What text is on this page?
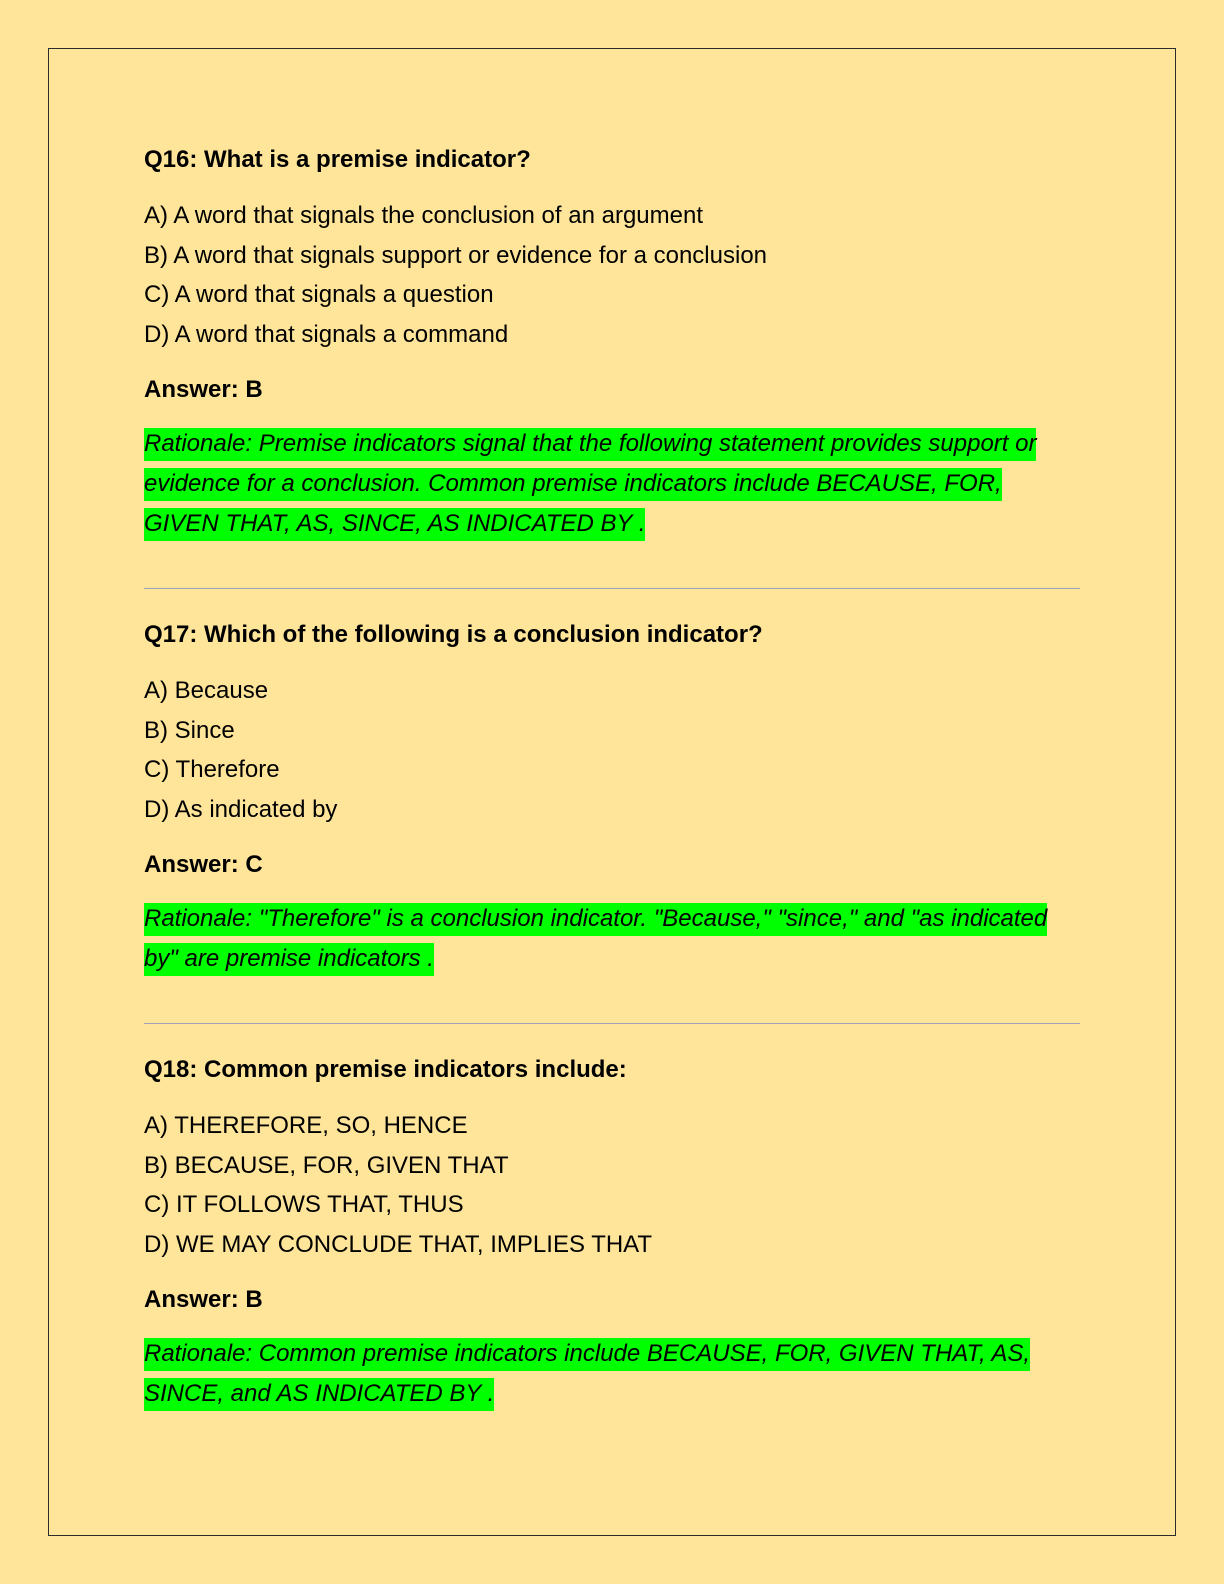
Q16: What is a premise indicator?
A) A word that signals the conclusion of an argument
B) A word that signals support or evidence for a conclusion
C) A word that signals a question
D) A word that signals a command
Answer: B
Rationale: Premise indicators signal that the following statement provides support or evidence for a conclusion. Common premise indicators include BECAUSE, FOR, GIVEN THAT, AS, SINCE, AS INDICATED BY .
Q17: Which of the following is a conclusion indicator?
A) Because
B) Since
C) Therefore
D) As indicated by
Answer: C
Rationale: "Therefore" is a conclusion indicator. "Because," "since," and "as indicated by" are premise indicators .
Q18: Common premise indicators include:
A) THEREFORE, SO, HENCE
B) BECAUSE, FOR, GIVEN THAT
C) IT FOLLOWS THAT, THUS
D) WE MAY CONCLUDE THAT, IMPLIES THAT
Answer: B
Rationale: Common premise indicators include BECAUSE, FOR, GIVEN THAT, AS, SINCE, and AS INDICATED BY .
